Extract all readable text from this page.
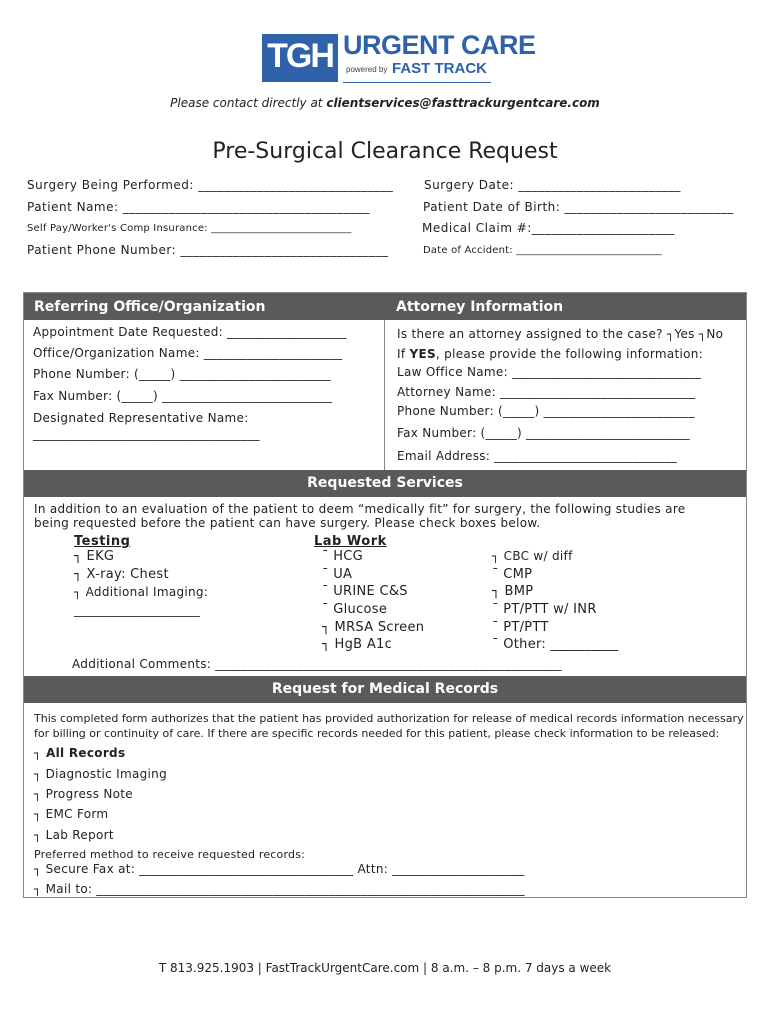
TGH URGENT CARE
powered by FAST TRACK
Please contact directly at clientservices@fasttrackurgentcare.com
Pre-Surgical Clearance Request
Surgery Being Performed: ______________________________	Surgery Date: _________________________
Patient Name: ______________________________________	Patient Date of Birth: __________________________
Self Pay/Worker's Comp Insurance: ___________________________	Medical Claim #:______________________
Patient Phone Number: ________________________________	Date of Accident: ____________________________
Referring Office/Organization	Attorney Information
Appointment Date Requested: ___________________
Office/Organization Name: ______________________
Phone Number: (_____) ________________________
Fax Number: (_____) ___________________________
Designated Representative Name:
____________________________________
Is there an attorney assigned to the case? ┐Yes ┐No
If YES, please provide the following information:
Law Office Name: ______________________________
Attorney Name: _______________________________
Phone Number: (_____) ________________________
Fax Number: (_____) __________________________
Email Address: _____________________________
Requested Services
In addition to an evaluation of the patient to deem “medically fit” for surgery, the following studies are
being requested before the patient can have surgery. Please check boxes below.
Testing
┐ EKG
┐ X-ray: Chest
┐ Additional Imaging:
____________________
Lab Work
¯ HCG
¯ UA
¯ URINE C&S
¯ Glucose
┐ MRSA Screen
┐ HgB A1c
┐ CBC w/ diff
¯ CMP
┐ BMP
¯ PT/PTT w/ INR
¯ PT/PTT
¯ Other: __________
Additional Comments: _______________________________________________________
Request for Medical Records
This completed form authorizes that the patient has provided authorization for release of medical records information necessary
for billing or continuity of care. If there are specific records needed for this patient, please check information to be released:
┐ All Records
┐ Diagnostic Imaging
┐ Progress Note
┐ EMC Form
┐ Lab Report
Preferred method to receive requested records:
┐ Secure Fax at: __________________________________ Attn: _____________________
┐ Mail to: ____________________________________________________________________
T 813.925.1903 | FastTrackUrgentCare.com | 8 a.m. – 8 p.m. 7 days a week
